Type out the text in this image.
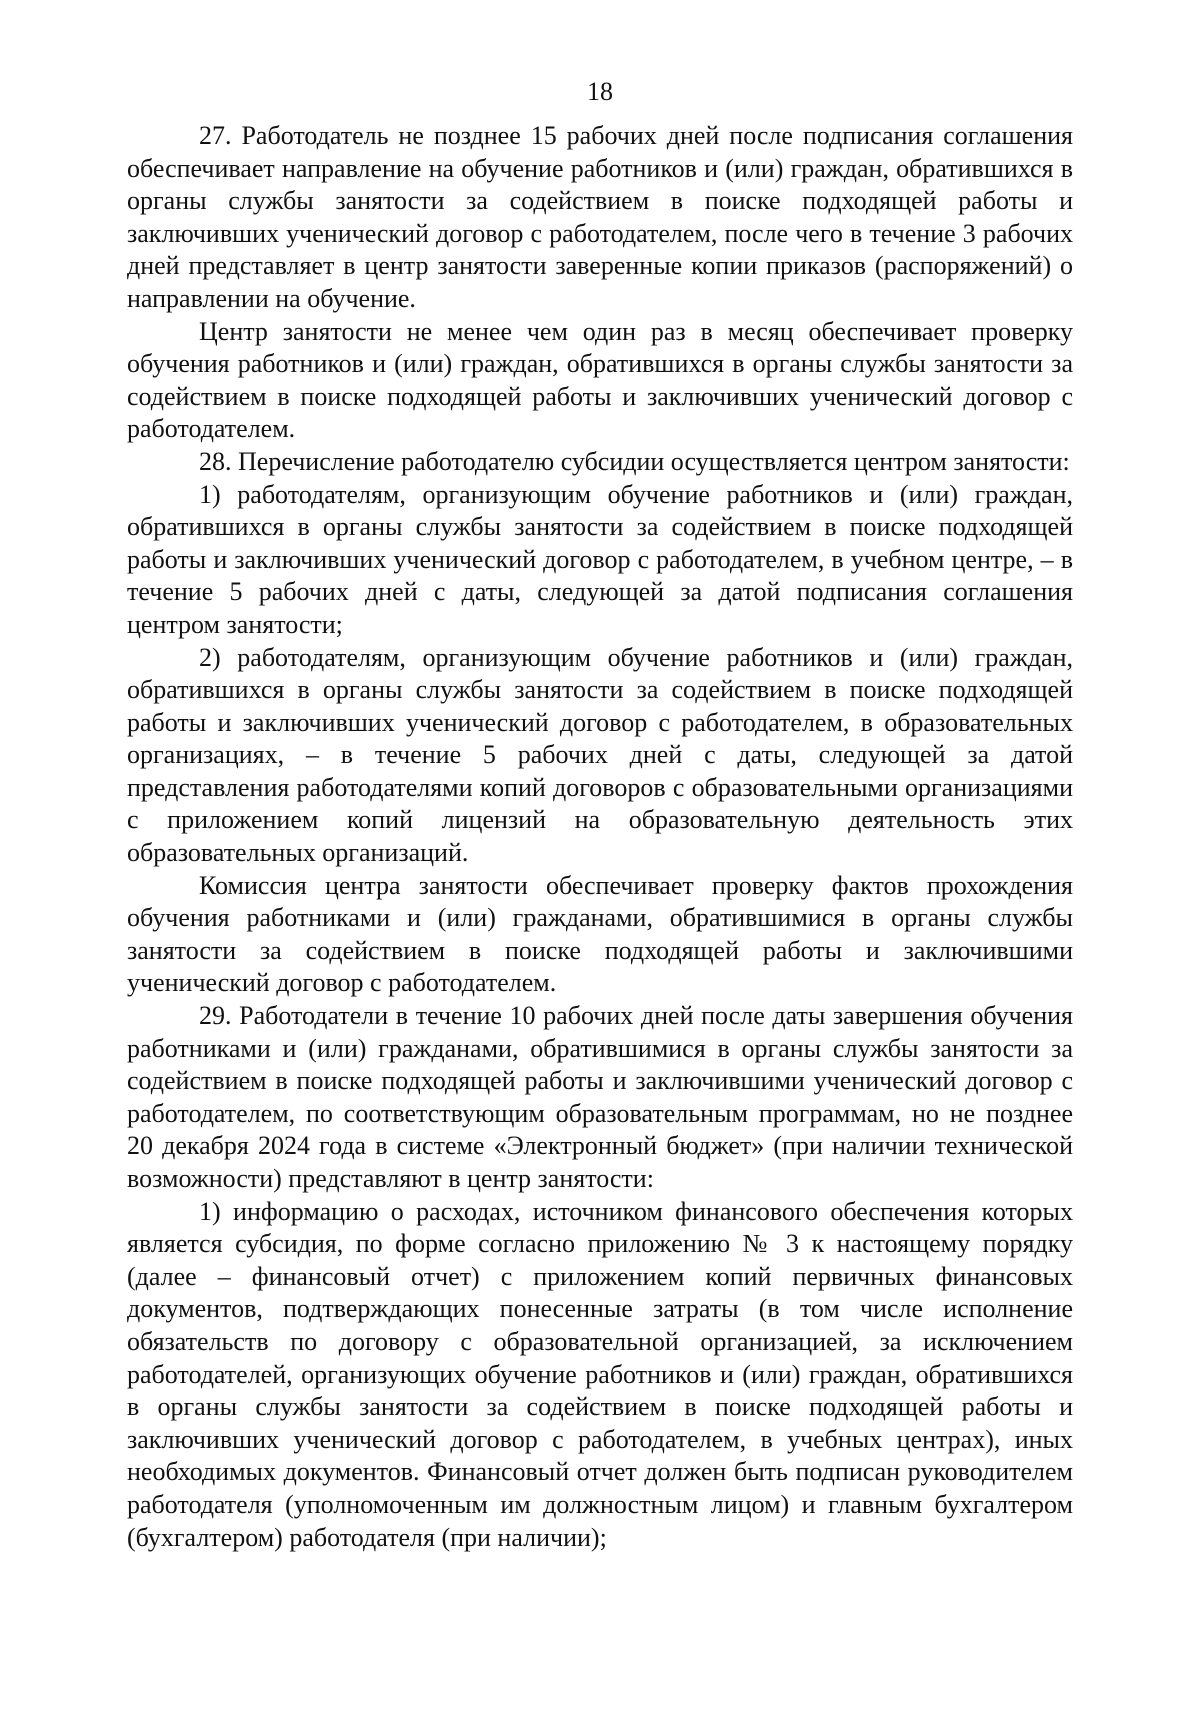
18

27. Работодатель не позднее 15 рабочих дней после подписания соглашения обеспечивает направление на обучение работников и (или) граждан, обратившихся в органы службы занятости за содействием в поиске подходящей работы и заключивших ученический договор с работодателем, после чего в течение 3 рабочих дней представляет в центр занятости заверенные копии приказов (распоряжений) о направлении на обучение.

Центр занятости не менее чем один раз в месяц обеспечивает проверку обучения работников и (или) граждан, обратившихся в органы службы занятости за содействием в поиске подходящей работы и заключивших ученический договор с работодателем.

28. Перечисление работодателю субсидии осуществляется центром занятости:

1) работодателям, организующим обучение работников и (или) граждан, обратившихся в органы службы занятости за содействием в поиске подходящей работы и заключивших ученический договор с работодателем, в учебном центре, – в течение 5 рабочих дней с даты, следующей за датой подписания соглашения центром занятости;

2) работодателям, организующим обучение работников и (или) граждан, обратившихся в органы службы занятости за содействием в поиске подходящей работы и заключивших ученический договор с работодателем, в образовательных организациях, – в течение 5 рабочих дней с даты, следующей за датой представления работодателями копий договоров с образовательными организациями с приложением копий лицензий на образовательную деятельность этих образовательных организаций.

Комиссия центра занятости обеспечивает проверку фактов прохождения обучения работниками и (или) гражданами, обратившимися в органы службы занятости за содействием в поиске подходящей работы и заключившими ученический договор с работодателем.

29. Работодатели в течение 10 рабочих дней после даты завершения обучения работниками и (или) гражданами, обратившимися в органы службы занятости за содействием в поиске подходящей работы и заключившими ученический договор с работодателем, по соответствующим образовательным программам, но не позднее 20 декабря 2024 года в системе «Электронный бюджет» (при наличии технической возможности) представляют в центр занятости:

1) информацию о расходах, источником финансового обеспечения которых является субсидия, по форме согласно приложению № 3 к настоящему порядку (далее – финансовый отчет) с приложением копий первичных финансовых документов, подтверждающих понесенные затраты (в том числе исполнение обязательств по договору с образовательной организацией, за исключением работодателей, организующих обучение работников и (или) граждан, обратившихся в органы службы занятости за содействием в поиске подходящей работы и заключивших ученический договор с работодателем, в учебных центрах), иных необходимых документов. Финансовый отчет должен быть подписан руководителем работодателя (уполномоченным им должностным лицом) и главным бухгалтером (бухгалтером) работодателя (при наличии);
